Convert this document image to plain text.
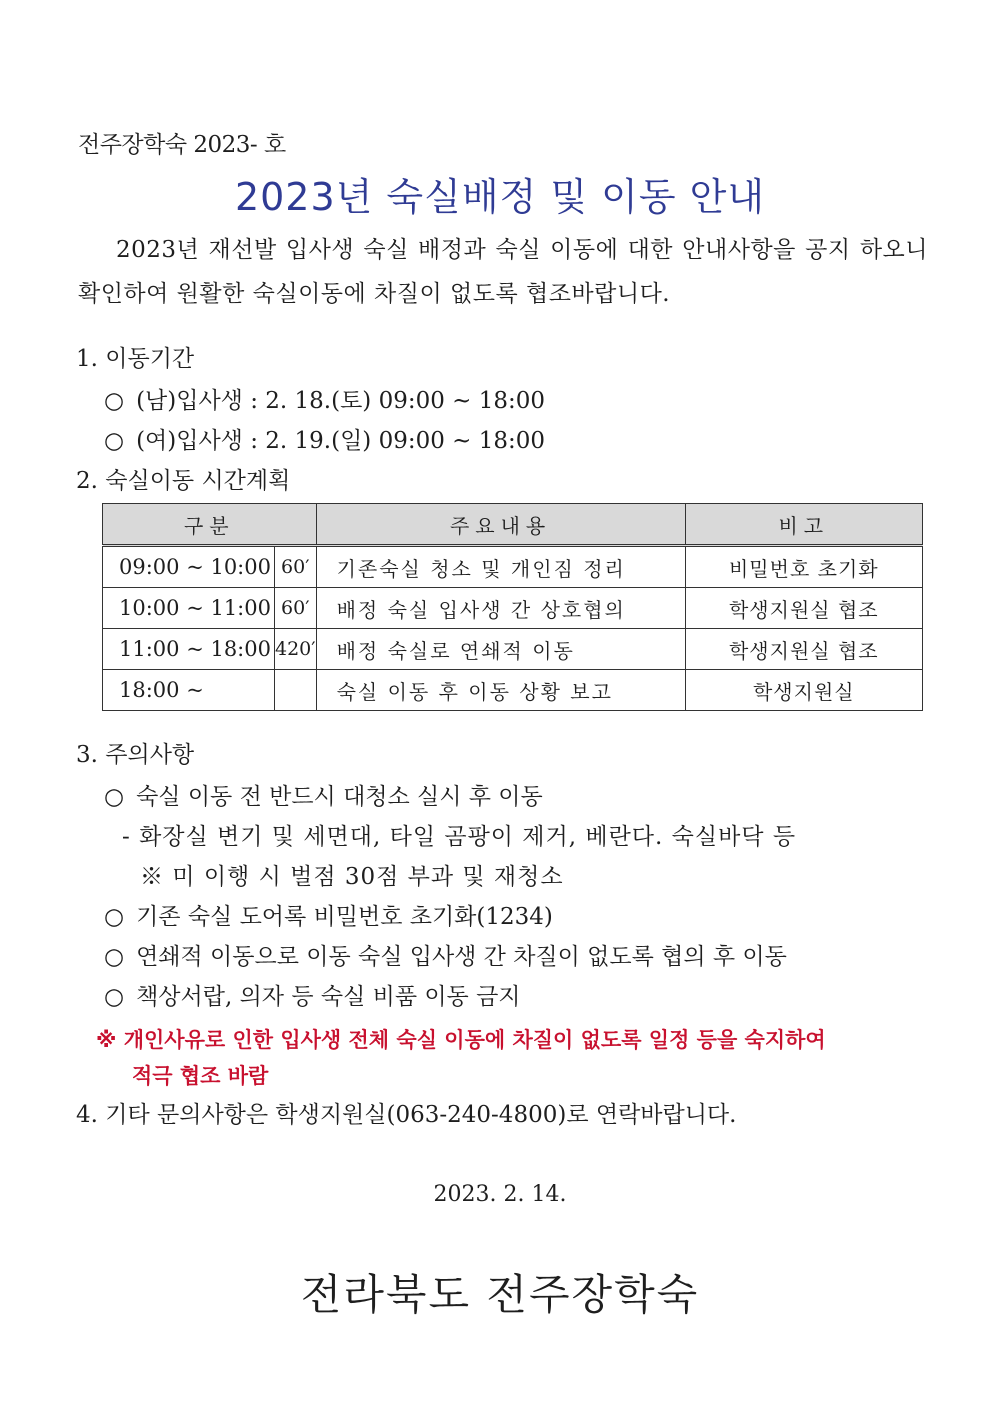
전주장학숙 2023- 호
2023년 숙실배정 및 이동 안내
2023년 재선발 입사생 숙실 배정과 숙실 이동에 대한 안내사항을 공지 하오니 확인하여 원활한 숙실이동에 차질이 없도록 협조바랍니다.
1. 이동기간
○ (남)입사생 : 2. 18.(토) 09:00 ~ 18:00
○ (여)입사생 : 2. 19.(일) 09:00 ~ 18:00
2. 숙실이동 시간계획
구분		주요내용	비고
09:00 ~ 10:00	60′	기존숙실 청소 및 개인짐 정리	비밀번호 초기화
10:00 ~ 11:00	60′	배정 숙실 입사생 간 상호협의	학생지원실 협조
11:00 ~ 18:00	420′	배정 숙실로 연쇄적 이동	학생지원실 협조
18:00 ~		숙실 이동 후 이동 상황 보고	학생지원실
3. 주의사항
○ 숙실 이동 전 반드시 대청소 실시 후 이동
- 화장실 변기 및 세면대, 타일 곰팡이 제거, 베란다. 숙실바닥 등
※ 미 이행 시 벌점 30점 부과 및 재청소
○ 기존 숙실 도어록 비밀번호 초기화(1234)
○ 연쇄적 이동으로 이동 숙실 입사생 간 차질이 없도록 협의 후 이동
○ 책상서랍, 의자 등 숙실 비품 이동 금지
※ 개인사유로 인한 입사생 전체 숙실 이동에 차질이 없도록 일정 등을 숙지하여
적극 협조 바람
4. 기타 문의사항은 학생지원실(063-240-4800)로 연락바랍니다.
2023. 2. 14.
전라북도 전주장학숙
